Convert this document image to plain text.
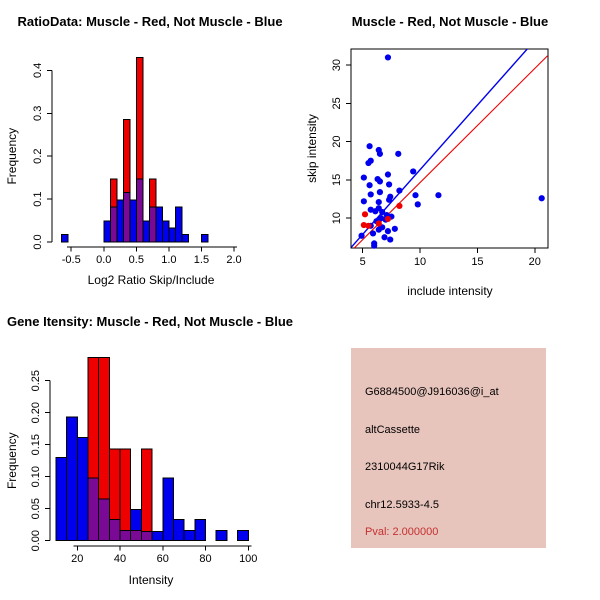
RatioData: Muscle - Red, Not Muscle - Blue
Log2 Ratio Skip/Include
Frequency
-0.5 0.0 0.5 1.0 1.5 2.0
0.0
0.1
0.2
0.3
0.4
Muscle - Red, Not Muscle - Blue
include intensity
skip intensity
5	10	15	20
10
15
20
25
30
Gene Itensity: Muscle - Red, Not Muscle - Blue
Intensity
Frequency
20	40	60	80 100
0.00
0.05
0.10
0.15
0.20
0.25
G6884500@J916036@i_at
altCassette
2310044G17Rik
chr12.5933-4.5
Pval: 2.000000
